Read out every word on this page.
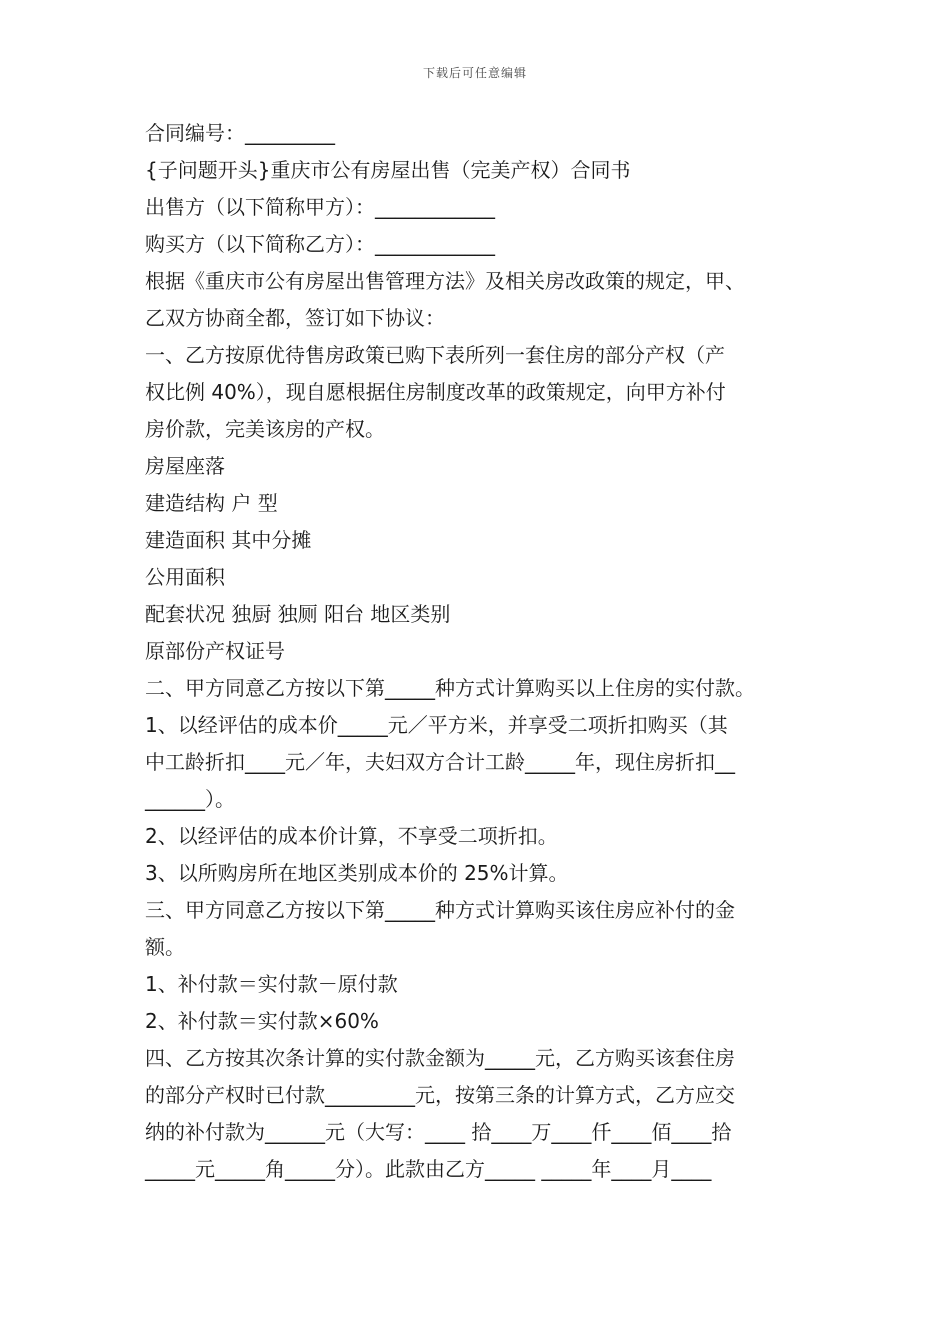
下载后可任意编辑
合同编号：_________
{子问题开头}重庆市公有房屋出售（完美产权）合同书
出售方（以下简称甲方）：____________
购买方（以下简称乙方）：____________
根据《重庆市公有房屋出售管理方法》及相关房改政策的规定，甲、
乙双方协商全都，签订如下协议：
一、乙方按原优待售房政策已购下表所列一套住房的部分产权（产
权比例 40%），现自愿根据住房制度改革的政策规定，向甲方补付
房价款，完美该房的产权。
房屋座落
建造结构 户 型
建造面积 其中分摊
公用面积
配套状况 独厨 独厕 阳台 地区类别
原部份产权证号
二、甲方同意乙方按以下第_____种方式计算购买以上住房的实付款。
1、以经评估的成本价_____元／平方米，并享受二项折扣购买（其
中工龄折扣____元／年，夫妇双方合计工龄_____年，现住房折扣__
______）。
2、以经评估的成本价计算，不享受二项折扣。
3、以所购房所在地区类别成本价的 25%计算。
三、甲方同意乙方按以下第_____种方式计算购买该住房应补付的金
额。
1、补付款＝实付款－原付款
2、补付款＝实付款×60%
四、乙方按其次条计算的实付款金额为_____元，乙方购买该套住房
的部分产权时已付款_________元，按第三条的计算方式，乙方应交
纳的补付款为______元（大写：____ 拾____万____仟____佰____拾
_____元_____角_____分）。此款由乙方_____ _____年____月____
